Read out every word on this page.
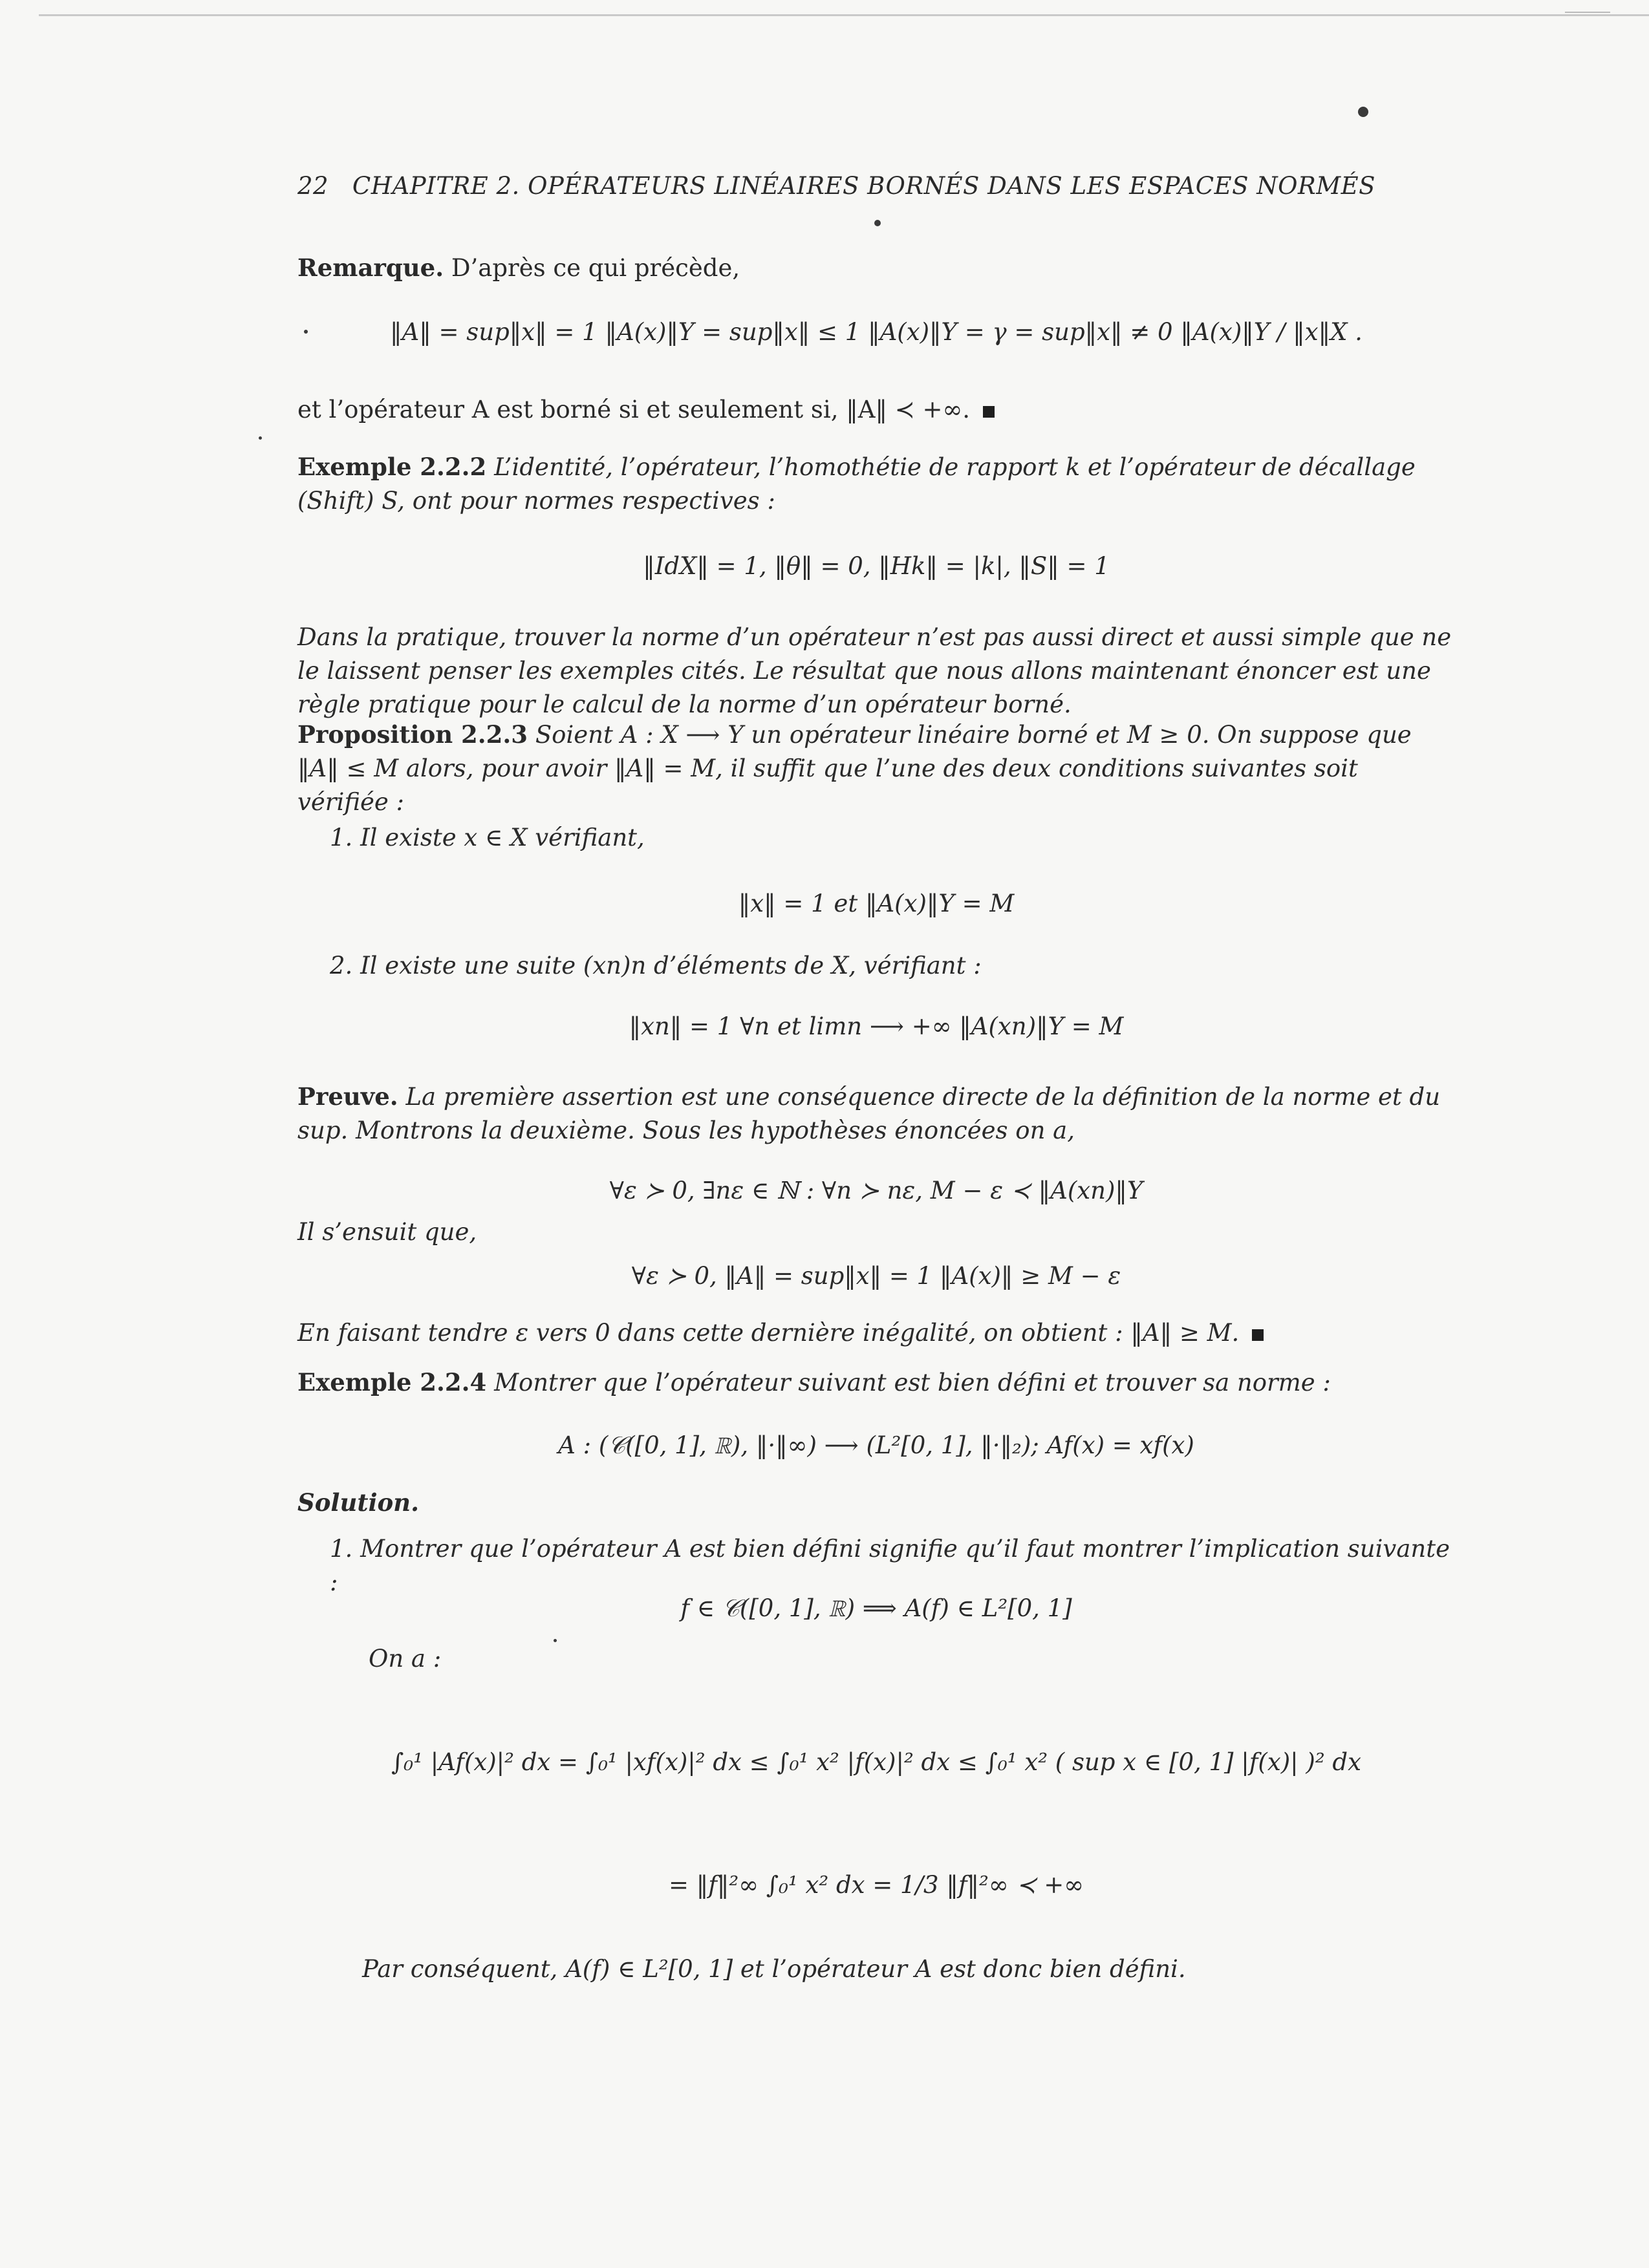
22 CHAPITRE 2. OPÉRATEURS LINÉAIRES BORNÉS DANS LES ESPACES NORMÉS
Remarque. D’après ce qui précède,
‖A‖ = sup‖x‖ = 1 ‖A(x)‖Y = sup‖x‖ ≤ 1 ‖A(x)‖Y = γ = sup‖x‖ ≠ 0 ‖A(x)‖Y / ‖x‖X .
et l’opérateur A est borné si et seulement si, ‖A‖ ≺ +∞.
Exemple 2.2.2 L’identité, l’opérateur, l’homothétie de rapport k et l’opérateur de décallage (Shift) S, ont pour normes respectives :
‖IdX‖ = 1, ‖θ‖ = 0, ‖Hk‖ = |k|, ‖S‖ = 1
Dans la pratique, trouver la norme d’un opérateur n’est pas aussi direct et aussi simple que ne le laissent penser les exemples cités. Le résultat que nous allons maintenant énoncer est une règle pratique pour le calcul de la norme d’un opérateur borné.
Proposition 2.2.3 Soient A : X ⟶ Y un opérateur linéaire borné et M ≥ 0. On suppose que ‖A‖ ≤ M alors, pour avoir ‖A‖ = M, il suffit que l’une des deux conditions suivantes soit vérifiée :
1. Il existe x ∈ X vérifiant,
‖x‖ = 1 et ‖A(x)‖Y = M
2. Il existe une suite (xn)n d’éléments de X, vérifiant :
‖xn‖ = 1 ∀n et limn ⟶ +∞ ‖A(xn)‖Y = M
Preuve. La première assertion est une conséquence directe de la définition de la norme et du sup. Montrons la deuxième. Sous les hypothèses énoncées on a,
∀ε ≻ 0, ∃nε ∈ ℕ : ∀n ≻ nε, M − ε ≺ ‖A(xn)‖Y
Il s’ensuit que,
∀ε ≻ 0, ‖A‖ = sup‖x‖ = 1 ‖A(x)‖ ≥ M − ε
En faisant tendre ε vers 0 dans cette dernière inégalité, on obtient : ‖A‖ ≥ M.
Exemple 2.2.4 Montrer que l’opérateur suivant est bien défini et trouver sa norme :
A : (𝒞([0, 1], ℝ), ‖·‖∞) ⟶ (L²[0, 1], ‖·‖₂); Af(x) = xf(x)
Solution.
1. Montrer que l’opérateur A est bien défini signifie qu’il faut montrer l’implication suivante :
f ∈ 𝒞([0, 1], ℝ) ⟹ A(f) ∈ L²[0, 1]
On a :
∫₀¹ |Af(x)|² dx = ∫₀¹ |xf(x)|² dx ≤ ∫₀¹ x² |f(x)|² dx ≤ ∫₀¹ x² ( sup x ∈ [0, 1] |f(x)| )² dx
= ‖f‖²∞ ∫₀¹ x² dx = 1/3 ‖f‖²∞ ≺ +∞
Par conséquent, A(f) ∈ L²[0, 1] et l’opérateur A est donc bien défini.
